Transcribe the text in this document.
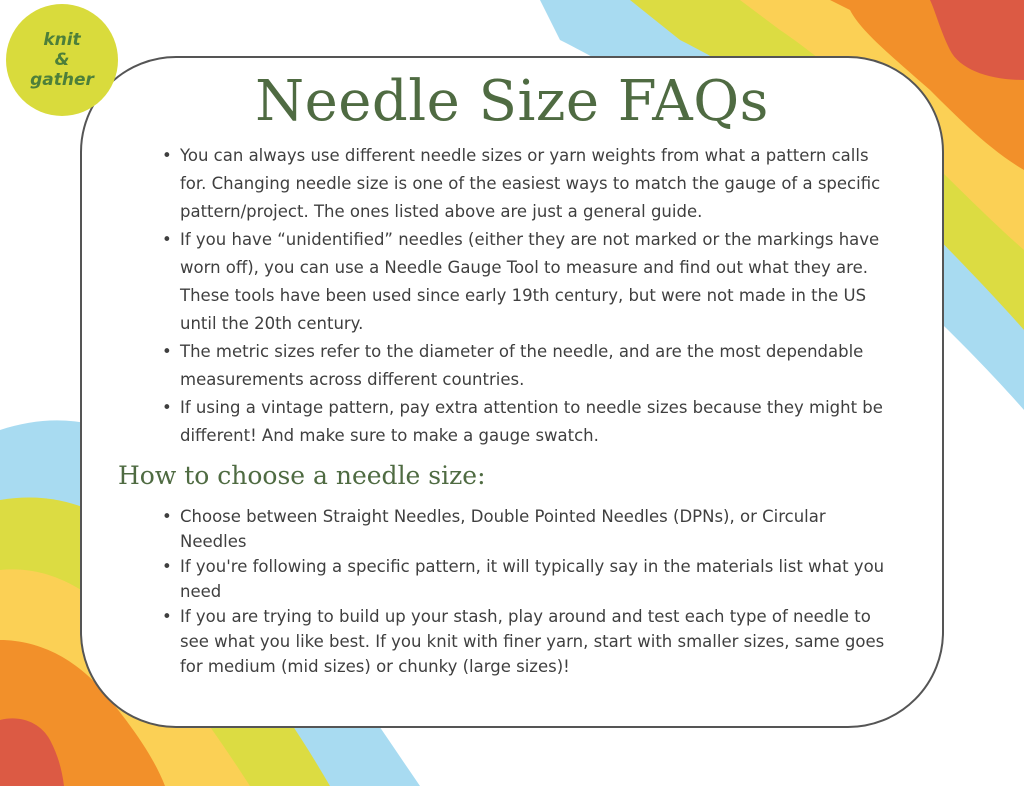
knit
&
gather	Needle Size FAQs
• You can always use different needle sizes or yarn weights from what a pattern calls for. Changing needle size is one of the easiest ways to match the gauge of a specific pattern/project. The ones listed above are just a general guide.
• If you have “unidentified” needles (either they are not marked or the markings have worn off), you can use a Needle Gauge Tool to measure and find out what they are. These tools have been used since early 19th century, but were not made in the US until the 20th century.
• The metric sizes refer to the diameter of the needle, and are the most dependable measurements across different countries.
• If using a vintage pattern, pay extra attention to needle sizes because they might be different! And make sure to make a gauge swatch.
How to choose a needle size:
• Choose between Straight Needles, Double Pointed Needles (DPNs), or Circular Needles
• If you're following a specific pattern, it will typically say in the materials list what you need
• If you are trying to build up your stash, play around and test each type of needle to see what you like best. If you knit with finer yarn, start with smaller sizes, same goes for medium (mid sizes) or chunky (large sizes)!
